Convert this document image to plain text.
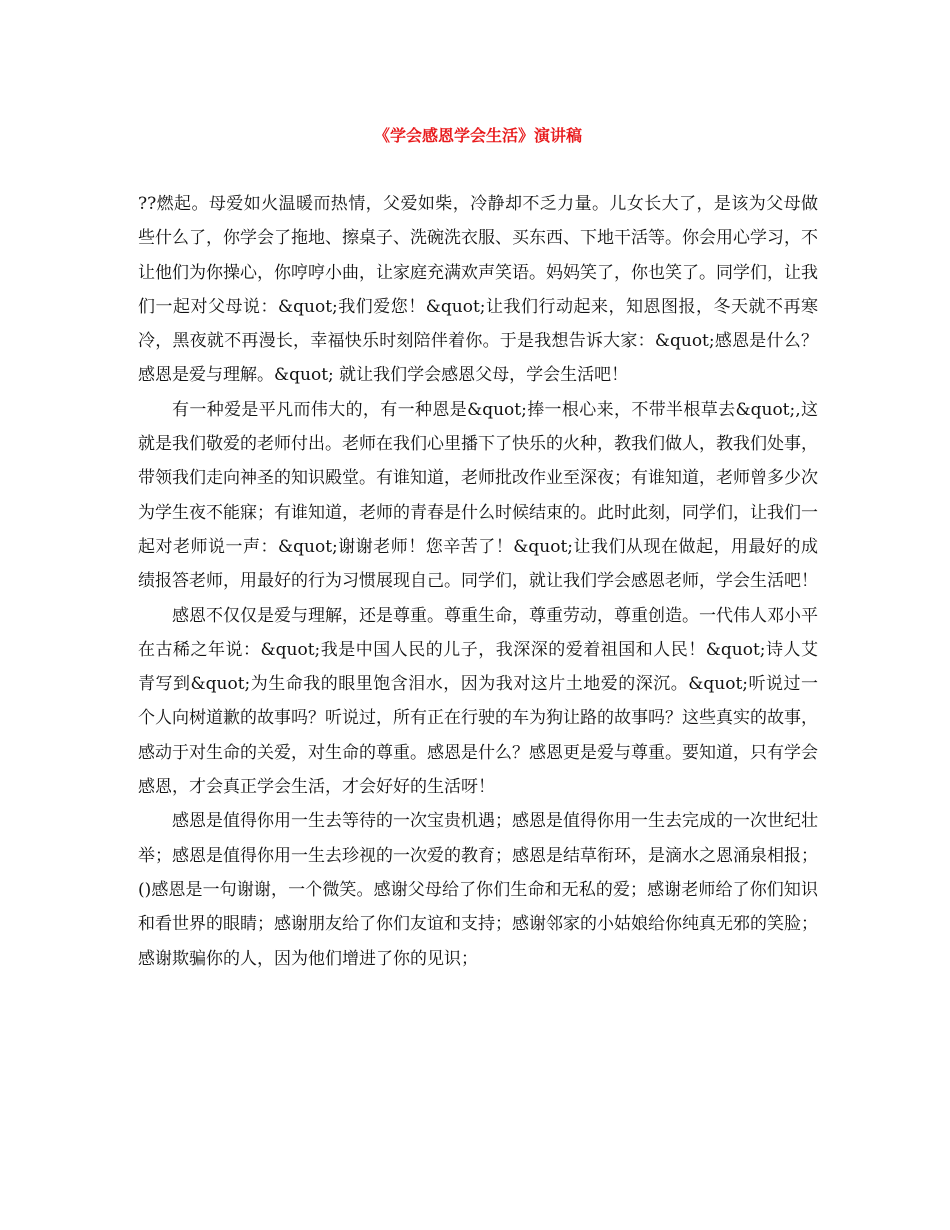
《学会感恩学会生活》演讲稿

??燃起。母爱如火温暖而热情，父爱如柴，冷静却不乏力量。儿女长大了，是该为父母做些什么了，你学会了拖地、擦桌子、洗碗洗衣服、买东西、下地干活等。你会用心学习，不让他们为你操心，你哼哼小曲，让家庭充满欢声笑语。妈妈笑了，你也笑了。同学们，让我们一起对父母说：&quot;我们爱您！&quot;让我们行动起来，知恩图报，冬天就不再寒冷，黑夜就不再漫长，幸福快乐时刻陪伴着你。于是我想告诉大家：&quot;感恩是什么？感恩是爱与理解。&quot; 就让我们学会感恩父母，学会生活吧！

有一种爱是平凡而伟大的，有一种恩是&quot;捧一根心来，不带半根草去&quot;,这就是我们敬爱的老师付出。老师在我们心里播下了快乐的火种，教我们做人，教我们处事，带领我们走向神圣的知识殿堂。有谁知道，老师批改作业至深夜；有谁知道，老师曾多少次为学生夜不能寐；有谁知道，老师的青春是什么时候结束的。此时此刻，同学们，让我们一起对老师说一声：&quot;谢谢老师！您辛苦了！&quot;让我们从现在做起，用最好的成绩报答老师，用最好的行为习惯展现自己。同学们，就让我们学会感恩老师，学会生活吧！

感恩不仅仅是爱与理解，还是尊重。尊重生命，尊重劳动，尊重创造。一代伟人邓小平在古稀之年说：&quot;我是中国人民的儿子，我深深的爱着祖国和人民！&quot;诗人艾青写到&quot;为生命我的眼里饱含泪水，因为我对这片土地爱的深沉。&quot;听说过一个人向树道歉的故事吗？听说过，所有正在行驶的车为狗让路的故事吗？这些真实的故事，感动于对生命的关爱，对生命的尊重。感恩是什么？感恩更是爱与尊重。要知道，只有学会感恩，才会真正学会生活，才会好好的生活呀！

感恩是值得你用一生去等待的一次宝贵机遇；感恩是值得你用一生去完成的一次世纪壮举；感恩是值得你用一生去珍视的一次爱的教育；感恩是结草衔环，是滴水之恩涌泉相报；()感恩是一句谢谢，一个微笑。感谢父母给了你们生命和无私的爱；感谢老师给了你们知识和看世界的眼睛；感谢朋友给了你们友谊和支持；感谢邻家的小姑娘给你纯真无邪的笑脸；感谢欺骗你的人，因为他们增进了你的见识；
